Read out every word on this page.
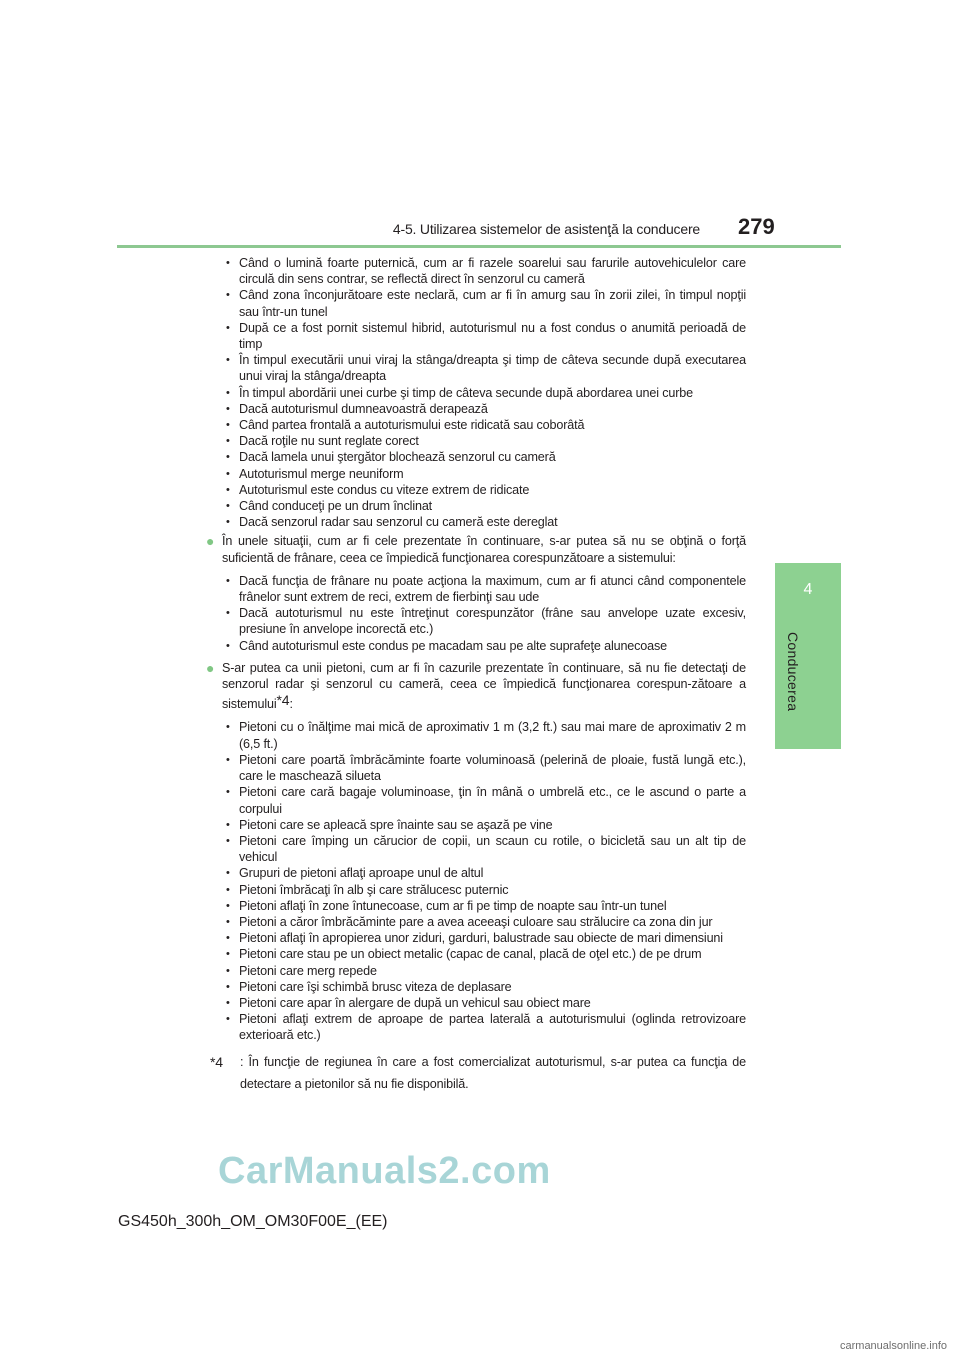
4-5. Utilizarea sistemelor de asistenţă la conducere 279
4
Conducerea
• Când o lumină foarte puternică, cum ar fi razele soarelui sau farurile autovehiculelor care circulă din sens contrar, se reflectă direct în senzorul cu cameră
• Când zona înconjurătoare este neclară, cum ar fi în amurg sau în zorii zilei, în timpul nopţii sau într-un tunel
• După ce a fost pornit sistemul hibrid, autoturismul nu a fost condus o anumită perioadă de timp
• În timpul executării unui viraj la stânga/dreapta şi timp de câteva secunde după executarea unui viraj la stânga/dreapta
• În timpul abordării unei curbe şi timp de câteva secunde după abordarea unei curbe
• Dacă autoturismul dumneavoastră derapează
• Când partea frontală a autoturismului este ridicată sau coborâtă
• Dacă roţile nu sunt reglate corect
• Dacă lamela unui ştergător blochează senzorul cu cameră
• Autoturismul merge neuniform
• Autoturismul este condus cu viteze extrem de ridicate
• Când conduceţi pe un drum înclinat
• Dacă senzorul radar sau senzorul cu cameră este dereglat
● În unele situaţii, cum ar fi cele prezentate în continuare, s-ar putea să nu se obţină o forţă suficientă de frânare, ceea ce împiedică funcţionarea corespunzătoare a sistemului:
• Dacă funcţia de frânare nu poate acţiona la maximum, cum ar fi atunci când componentele frânelor sunt extrem de reci, extrem de fierbinţi sau ude
• Dacă autoturismul nu este întreţinut corespunzător (frâne sau anvelope uzate excesiv, presiune în anvelope incorectă etc.)
• Când autoturismul este condus pe macadam sau pe alte suprafeţe alunecoase
● S-ar putea ca unii pietoni, cum ar fi în cazurile prezentate în continuare, să nu fie detectaţi de senzorul radar şi senzorul cu cameră, ceea ce împiedică funcţionarea corespun-zătoare a sistemului*4:
• Pietoni cu o înălţime mai mică de aproximativ 1 m (3,2 ft.) sau mai mare de aproximativ 2 m (6,5 ft.)
• Pietoni care poartă îmbrăcăminte foarte voluminoasă (pelerină de ploaie, fustă lungă etc.), care le maschează silueta
• Pietoni care cară bagaje voluminoase, ţin în mână o umbrelă etc., ce le ascund o parte a corpului
• Pietoni care se apleacă spre înainte sau se aşază pe vine
• Pietoni care împing un cărucior de copii, un scaun cu rotile, o bicicletă sau un alt tip de vehicul
• Grupuri de pietoni aflaţi aproape unul de altul
• Pietoni îmbrăcaţi în alb şi care strălucesc puternic
• Pietoni aflaţi în zone întunecoase, cum ar fi pe timp de noapte sau într-un tunel
• Pietoni a căror îmbrăcăminte pare a avea aceeaşi culoare sau strălucire ca zona din jur
• Pietoni aflaţi în apropierea unor ziduri, garduri, balustrade sau obiecte de mari dimensiuni
• Pietoni care stau pe un obiect metalic (capac de canal, placă de oţel etc.) de pe drum
• Pietoni care merg repede
• Pietoni care îşi schimbă brusc viteza de deplasare
• Pietoni care apar în alergare de după un vehicul sau obiect mare
• Pietoni aflaţi extrem de aproape de partea laterală a autoturismului (oglinda retrovizoare exterioară etc.)
*4 : În funcţie de regiunea în care a fost comercializat autoturismul, s-ar putea ca funcţia de detectare a pietonilor să nu fie disponibilă.
CarManuals2.com
GS450h_300h_OM_OM30F00E_(EE)
carmanualsonline.info
